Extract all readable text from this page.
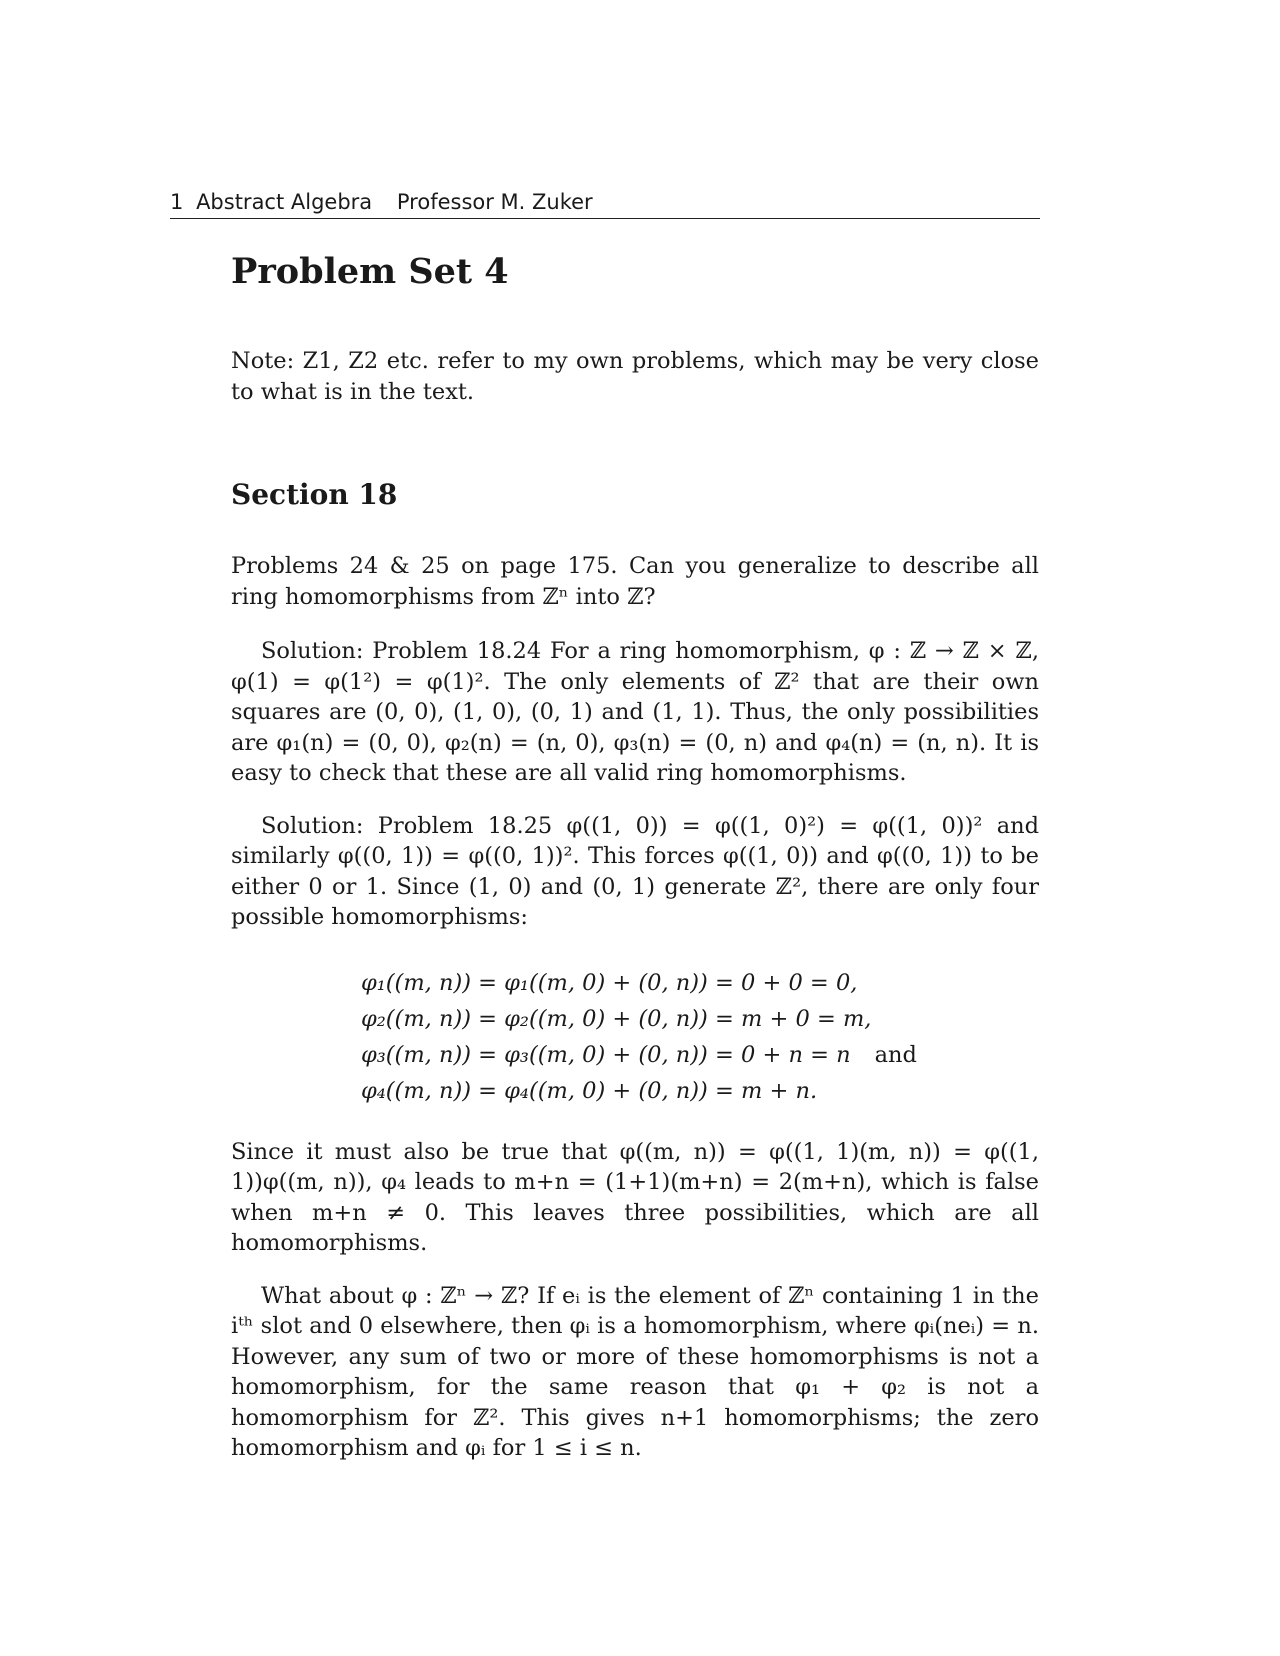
1 Abstract Algebra Professor M. Zuker
Problem Set 4

Note: Z1, Z2 etc. refer to my own problems, which may be very close to what is in the text.

Section 18

Problems 24 & 25 on page 175. Can you generalize to describe all ring homomorphisms from ℤⁿ into ℤ?

Solution: Problem 18.24 For a ring homomorphism, φ : ℤ → ℤ × ℤ, φ(1) = φ(1²) = φ(1)². The only elements of ℤ² that are their own squares are (0, 0), (1, 0), (0, 1) and (1, 1). Thus, the only possibilities are φ₁(n) = (0, 0), φ₂(n) = (n, 0), φ₃(n) = (0, n) and φ₄(n) = (n, n). It is easy to check that these are all valid ring homomorphisms.

Solution: Problem 18.25 φ((1, 0)) = φ((1, 0)²) = φ((1, 0))² and similarly φ((0, 1)) = φ((0, 1))². This forces φ((1, 0)) and φ((0, 1)) to be either 0 or 1. Since (1, 0) and (0, 1) generate ℤ², there are only four possible homomorphisms:

φ₁((m, n)) = φ₁((m, 0) + (0, n)) = 0 + 0 = 0,
φ₂((m, n)) = φ₂((m, 0) + (0, n)) = m + 0 = m,
φ₃((m, n)) = φ₃((m, 0) + (0, n)) = 0 + n = n and
φ₄((m, n)) = φ₄((m, 0) + (0, n)) = m + n.

Since it must also be true that φ((m, n)) = φ((1, 1)(m, n)) = φ((1, 1))φ((m, n)), φ₄ leads to m+n = (1+1)(m+n) = 2(m+n), which is false when m+n ≠ 0. This leaves three possibilities, which are all homomorphisms.

What about φ : ℤⁿ → ℤ? If eᵢ is the element of ℤⁿ containing 1 in the iᵗʰ slot and 0 elsewhere, then φᵢ is a homomorphism, where φᵢ(neᵢ) = n. However, any sum of two or more of these homomorphisms is not a homomorphism, for the same reason that φ₁ + φ₂ is not a homomorphism for ℤ². This gives n+1 homomorphisms; the zero homomorphism and φᵢ for 1 ≤ i ≤ n.
